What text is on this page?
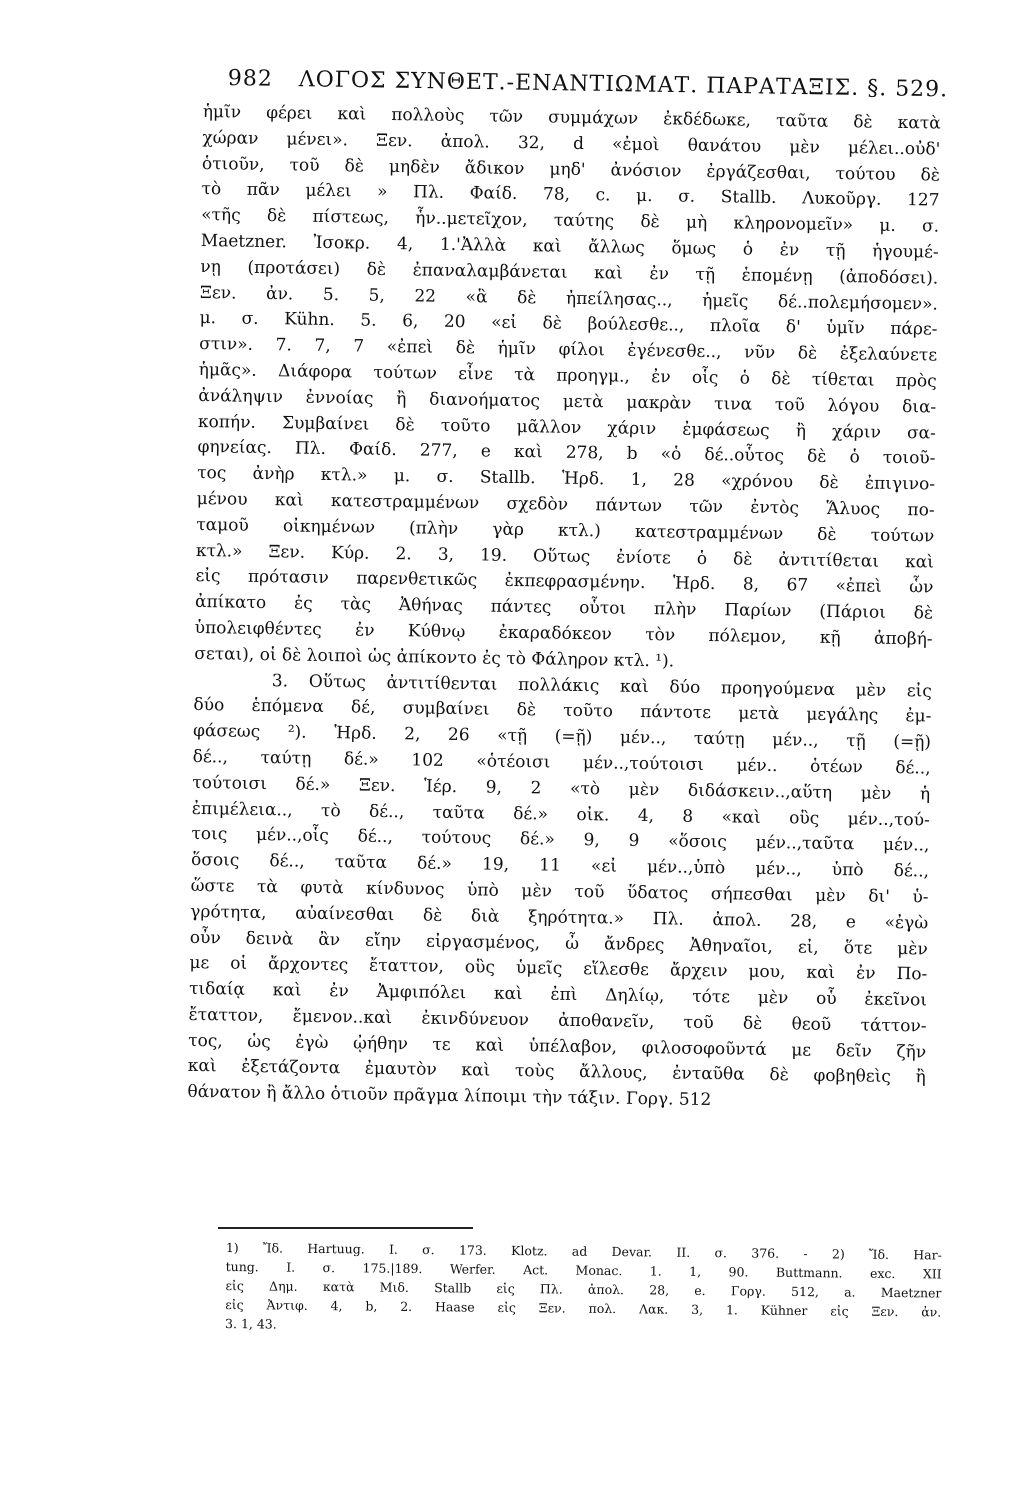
982 ΛΟΓΟΣ ΣΥΝΘΕΤ.-ΕΝΑΝΤΙΩΜΑΤ. ΠΑΡΑΤΑΞΙΣ. §. 529.
ἡμῖν φέρει καὶ πολλοὺς τῶν συμμάχων ἐκδέδωκε, ταῦτα δὲ κατὰ
χώραν μένει». Ξεν. ἀπολ. 32, d «ἐμοὶ θανάτου μὲν μέλει..οὐδ'
ὁτιοῦν, τοῦ δὲ μηδὲν ἄδικον μηδ' ἀνόσιον ἐργάζεσθαι, τούτου δὲ
τὸ πᾶν μέλει » Πλ. Φαίδ. 78, c. μ. σ. Stallb. Λυκοῦργ. 127
«τῆς δὲ πίστεως, ἧν..μετεῖχον, ταύτης δὲ μὴ κληρονομεῖν» μ. σ.
Maetzner. Ἰσοκρ. 4, 1.'Ἀλλὰ καὶ ἄλλως ὅμως ὁ ἐν τῇ ἡγουμέ-
νῃ (προτάσει) δὲ ἐπαναλαμβάνεται καὶ ἐν τῇ ἑπομένῃ (ἀποδόσει).
Ξεν. ἀν. 5. 5, 22 «ἃ δὲ ἠπείλησας.., ἡμεῖς δέ..πολεμήσομεν».
μ. σ. Kühn. 5. 6, 20 «εἰ δὲ βούλεσθε.., πλοῖα δ' ὑμῖν πάρε-
στιν». 7. 7, 7 «ἐπεὶ δὲ ἡμῖν φίλοι ἐγένεσθε.., νῦν δὲ ἐξελαύνετε
ἡμᾶς». Διάφορα τούτων εἶνε τὰ προηγμ., ἐν οἷς ὁ δὲ τίθεται πρὸς
ἀνάληψιν ἐννοίας ἢ διανοήματος μετὰ μακρὰν τινα τοῦ λόγου δια-
κοπήν. Συμβαίνει δὲ τοῦτο μᾶλλον χάριν ἐμφάσεως ἢ χάριν σα-
φηνείας. Πλ. Φαίδ. 277, e καὶ 278, b «ὁ δέ..οὗτος δὲ ὁ τοιοῦ-
τος ἀνὴρ κτλ.» μ. σ. Stallb. Ἡρδ. 1, 28 «χρόνου δὲ ἐπιγινο-
μένου καὶ κατεστραμμένων σχεδὸν πάντων τῶν ἐντὸς Ἅλυος πο-
ταμοῦ οἰκημένων (πλὴν γὰρ κτλ.) κατεστραμμένων δὲ τούτων
κτλ.» Ξεν. Κύρ. 2. 3, 19. Οὕτως ἐνίοτε ὁ δὲ ἀντιτίθεται καὶ
εἰς πρότασιν παρενθετικῶς ἐκπεφρασμένην. Ἡρδ. 8, 67 «ἐπεὶ ὧν
ἀπίκατο ἐς τὰς Ἀθήνας πάντες οὗτοι πλὴν Παρίων (Πάριοι δὲ
ὑπολειφθέντες ἐν Κύθνῳ ἐκαραδόκεον τὸν πόλεμον, κῇ ἀποβή-
σεται), οἱ δὲ λοιποὶ ὡς ἀπίκοντο ἐς τὸ Φάληρον κτλ. ¹).
3. Οὕτως ἀντιτίθενται πολλάκις καὶ δύο προηγούμενα μὲν εἰς
δύο ἑπόμενα δέ, συμβαίνει δὲ τοῦτο πάντοτε μετὰ μεγάλης ἐμ-
φάσεως ²). Ἡρδ. 2, 26 «τῇ (=ῇ) μέν.., ταύτῃ μέν.., τῇ (=ῇ)
δέ.., ταύτῃ δέ.» 102 «ὁτέοισι μέν..,τούτοισι μέν.. ὁτέων δέ..,
τούτοισι δέ.» Ξεν. Ἱέρ. 9, 2 «τὸ μὲν διδάσκειν..,αὕτη μὲν ἡ
ἐπιμέλεια.., τὸ δέ.., ταῦτα δέ.» οἰκ. 4, 8 «καὶ οὓς μέν..,τού-
τοις μέν..,οἷς δέ.., τούτους δέ.» 9, 9 «ὅσοις μέν..,ταῦτα μέν..,
ὅσοις δέ.., ταῦτα δέ.» 19, 11 «εἰ μέν..,ὑπὸ μέν.., ὑπὸ δέ..,
ὥστε τὰ φυτὰ κίνδυνος ὑπὸ μὲν τοῦ ὕδατος σήπεσθαι μὲν δι' ὑ-
γρότητα, αὐαίνεσθαι δὲ διὰ ξηρότητα.» Πλ. ἀπολ. 28, e «ἐγὼ
οὖν δεινὰ ἂν εἴην εἰργασμένος, ὦ ἄνδρες Ἀθηναῖοι, εἰ, ὅτε μὲν
με οἱ ἄρχοντες ἔταττον, οὓς ὑμεῖς εἵλεσθε ἄρχειν μου, καὶ ἐν Πο-
τιδαίᾳ καὶ ἐν Ἀμφιπόλει καὶ ἐπὶ Δηλίῳ, τότε μὲν οὗ ἐκεῖνοι
ἔταττον, ἔμενον..καὶ ἐκινδύνευον ἀποθανεῖν, τοῦ δὲ θεοῦ τάττον-
τος, ὡς ἐγὼ ᾠήθην τε καὶ ὑπέλαβον, φιλοσοφοῦντά με δεῖν ζῆν
καὶ ἐξετάζοντα ἐμαυτὸν καὶ τοὺς ἄλλους, ἐνταῦθα δὲ φοβηθεὶς ἢ
θάνατον ἢ ἄλλο ὁτιοῦν πρᾶγμα λίποιμι τὴν τάξιν. Γοργ. 512
1) Ἴδ. Hartuug. I. σ. 173. Klotz. ad Devar. II. σ. 376. - 2) Ἴδ. Har-
tung. I. σ. 175.|189. Werfer. Act. Monac. 1. 1, 90. Buttmann. exc. XII
εἰς Δημ. κατὰ Μιδ. Stallb εἰς Πλ. ἀπολ. 28, e. Γοργ. 512, a. Maetzner
εἰς Ἀντιφ. 4, b, 2. Haase εἰς Ξεν. πολ. Λακ. 3, 1. Kühner εἰς Ξεν. ἀν.
3. 1, 43.
